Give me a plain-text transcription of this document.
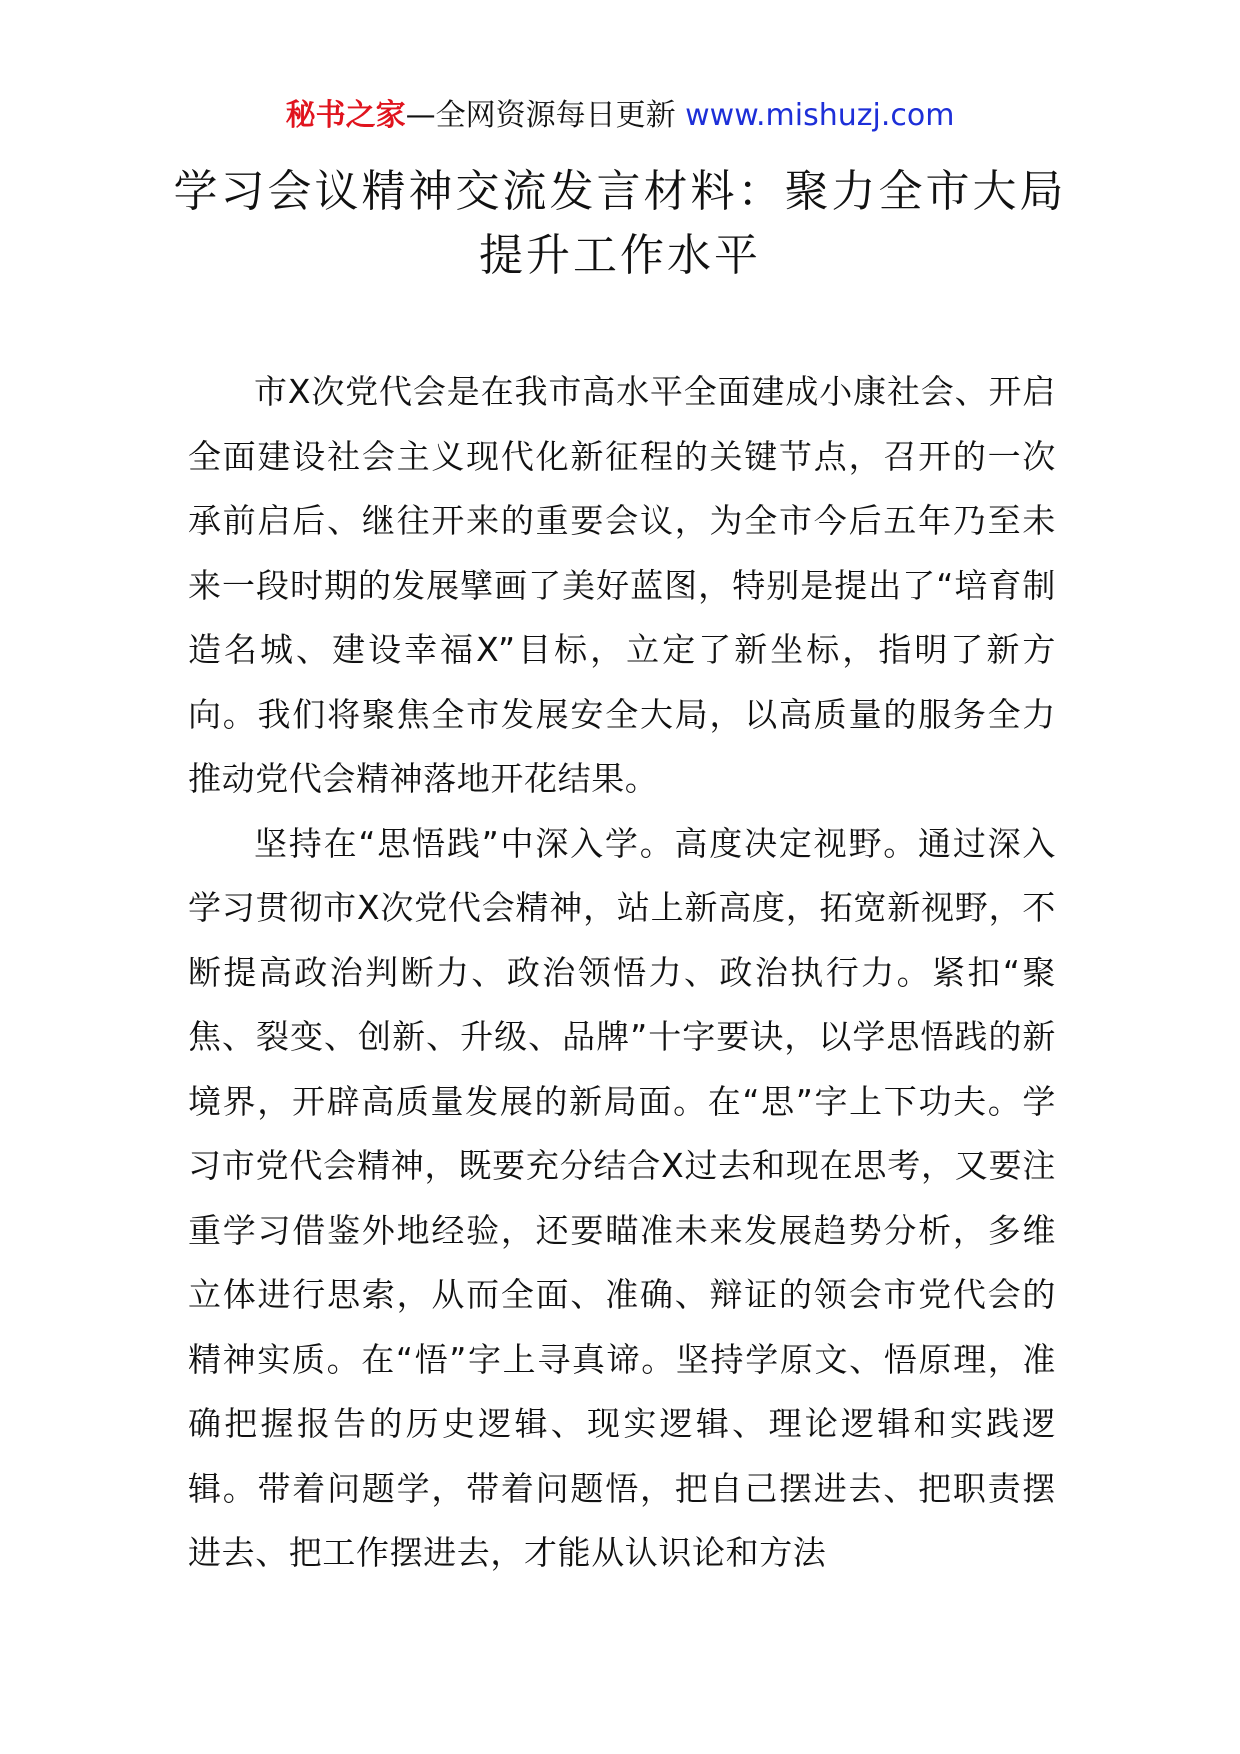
秘书之家—全网资源每日更新 www.mishuzj.com
学习会议精神交流发言材料：聚力全市大局提升工作水平

市X次党代会是在我市高水平全面建成小康社会、开启全面建设社会主义现代化新征程的关键节点，召开的一次承前启后、继往开来的重要会议，为全市今后五年乃至未来一段时期的发展擘画了美好蓝图，特别是提出了“培育制造名城、建设幸福X”目标，立定了新坐标，指明了新方向。我们将聚焦全市发展安全大局，以高质量的服务全力推动党代会精神落地开花结果。

坚持在“思悟践”中深入学。高度决定视野。通过深入学习贯彻市X次党代会精神，站上新高度，拓宽新视野，不断提高政治判断力、政治领悟力、政治执行力。紧扣“聚焦、裂变、创新、升级、品牌”十字要诀，以学思悟践的新境界，开辟高质量发展的新局面。在“思”字上下功夫。学习市党代会精神，既要充分结合X过去和现在思考，又要注重学习借鉴外地经验，还要瞄准未来发展趋势分析，多维立体进行思索，从而全面、准确、辩证的领会市党代会的精神实质。在“悟”字上寻真谛。坚持学原文、悟原理，准确把握报告的历史逻辑、现实逻辑、理论逻辑和实践逻辑。带着问题学，带着问题悟，把自己摆进去、把职责摆进去、把工作摆进去，才能从认识论和方法
